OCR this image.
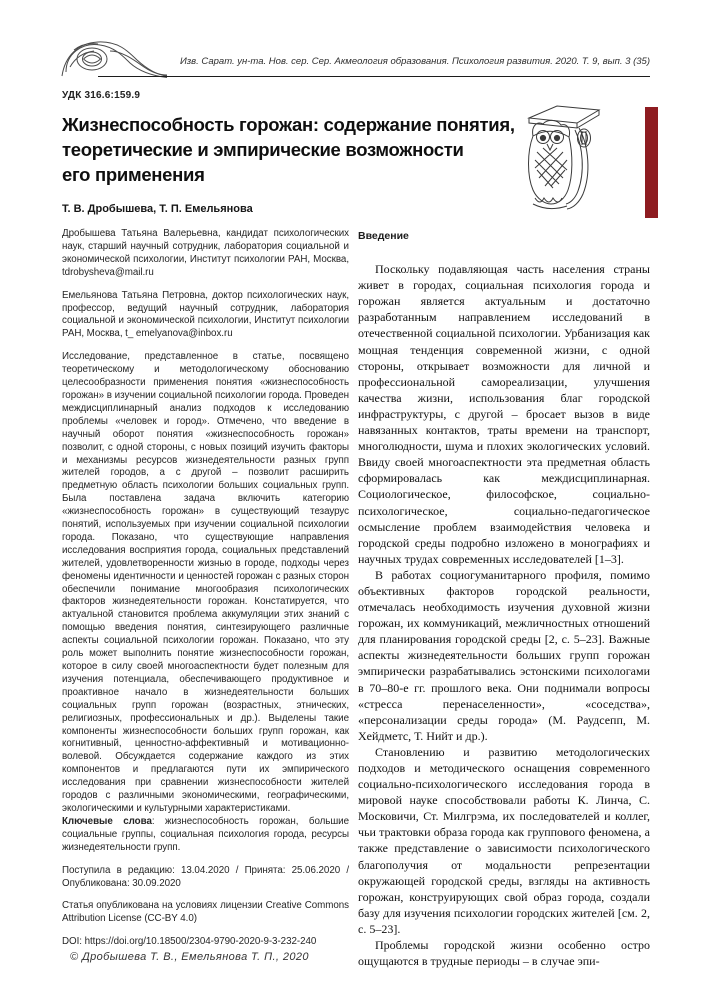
Изв. Сарат. ун-та. Нов. сер. Сер. Акмеология образования. Психология развития. 2020. Т. 9, вып. 3 (35)
УДК 316.6:159.9
Жизнеспособность горожан: содержание понятия,
теоретические и эмпирические возможности
его применения
Т. В. Дробышева, Т. П. Емельянова
Дробышева Татьяна Валерьевна, кандидат психологических наук, старший научный сотрудник, лаборатория социальной и экономической психологии, Институт психологии РАН, Москва, tdrobysheva@mail.ru
Емельянова Татьяна Петровна, доктор психологических наук, профессор, ведущий научный сотрудник, лаборатория социальной и экономической психологии, Институт психологии РАН, Москва, t_ emelyanova@inbox.ru
Исследование, представленное в статье, посвящено теоретическому и методологическому обоснованию целесообразности применения понятия «жизнеспособность горожан» в изучении социальной психологии города. Проведен междисциплинарный анализ подходов к исследованию проблемы «человек и город». Отмечено, что введение в научный оборот понятия «жизнеспособность горожан» позволит, с одной стороны, с новых позиций изучить факторы и механизмы ресурсов жизнедеятельности разных групп жителей городов, а с другой – позволит расширить предметную область психологии больших социальных групп. Была поставлена задача включить категорию «жизнеспособность горожан» в существующий тезаурус понятий, используемых при изучении социальной психологии города. Показано, что существующие направления исследования восприятия города, социальных представлений жителей, удовлетворенности жизнью в городе, подходы через феномены идентичности и ценностей горожан с разных сторон обеспечили понимание многообразия психологических факторов жизнедеятельности горожан. Констатируется, что актуальной становится проблема аккумуляции этих знаний с помощью введения понятия, синтезирующего различные аспекты социальной психологии горожан. Показано, что эту роль может выполнить понятие жизнеспособности горожан, которое в силу своей многоаспектности будет полезным для изучения потенциала, обеспечивающего продуктивное и проактивное начало в жизнедеятельности больших социальных групп горожан (возрастных, этнических, религиозных, профессиональных и др.). Выделены такие компоненты жизнеспособности больших групп горожан, как когнитивный, ценностно-аффективный и мотивационно-волевой. Обсуждается содержание каждого из этих компонентов и предлагаются пути их эмпирического исследования при сравнении жизнеспособности жителей городов с различными экономическими, географическими, экологическими и культурными характеристиками.
Ключевые слова: жизнеспособность горожан, большие социальные группы, социальная психология города, ресурсы жизнедеятельности групп.
Поступила в редакцию: 13.04.2020 / Принята: 25.06.2020 / Опубликована: 30.09.2020
Статья опубликована на условиях лицензии Creative Commons Attribution License (CC-BY 4.0)
DOI: https://doi.org/10.18500/2304-9790-2020-9-3-232-240
© Дробышева Т. В., Емельянова Т. П., 2020
Введение

Поскольку подавляющая часть населения страны живет в городах, социальная психология города и горожан является актуальным и достаточно разработанным направлением исследований в отечественной социальной психологии. Урбанизация как мощная тенденция современной жизни, с одной стороны, открывает возможности для личной и профессиональной самореализации, улучшения качества жизни, использования благ городской инфраструктуры, с другой – бросает вызов в виде навязанных контактов, траты времени на транспорт, многолюдности, шума и плохих экологических условий. Ввиду своей многоаспектности эта предметная область сформировалась как междисциплинарная. Социологическое, философское, социально-психологическое, социально-педагогическое осмысление проблем взаимодействия человека и городской среды подробно изложено в монографиях и научных трудах современных исследователей [1–3].

В работах социогуманитарного профиля, помимо объективных факторов городской реальности, отмечалась необходимость изучения духовной жизни горожан, их коммуникаций, межличностных отношений для планирования городской среды [2, с. 5–23]. Важные аспекты жизнедеятельности больших групп горожан эмпирически разрабатывались эстонскими психологами в 70–80-е гг. прошлого века. Они поднимали вопросы «стресса перенаселенности», «соседства», «персонализации среды города» (М. Раудсепп, М. Хейдметс, Т. Нийт и др.).

Становлению и развитию методологических подходов и методического оснащения современного социально-психологического исследования города в мировой науке способствовали работы К. Линча, С. Московичи, Ст. Милгрэма, их последователей и коллег, чьи трактовки образа города как группового феномена, а также представление о зависимости психологического благополучия от модальности репрезентации окружающей городской среды, взгляды на активность горожан, конструирующих свой образ города, создали базу для изучения психологии городских жителей [см. 2, с. 5–23].

Проблемы городской жизни особенно остро ощущаются в трудные периоды – в случае эпи-
